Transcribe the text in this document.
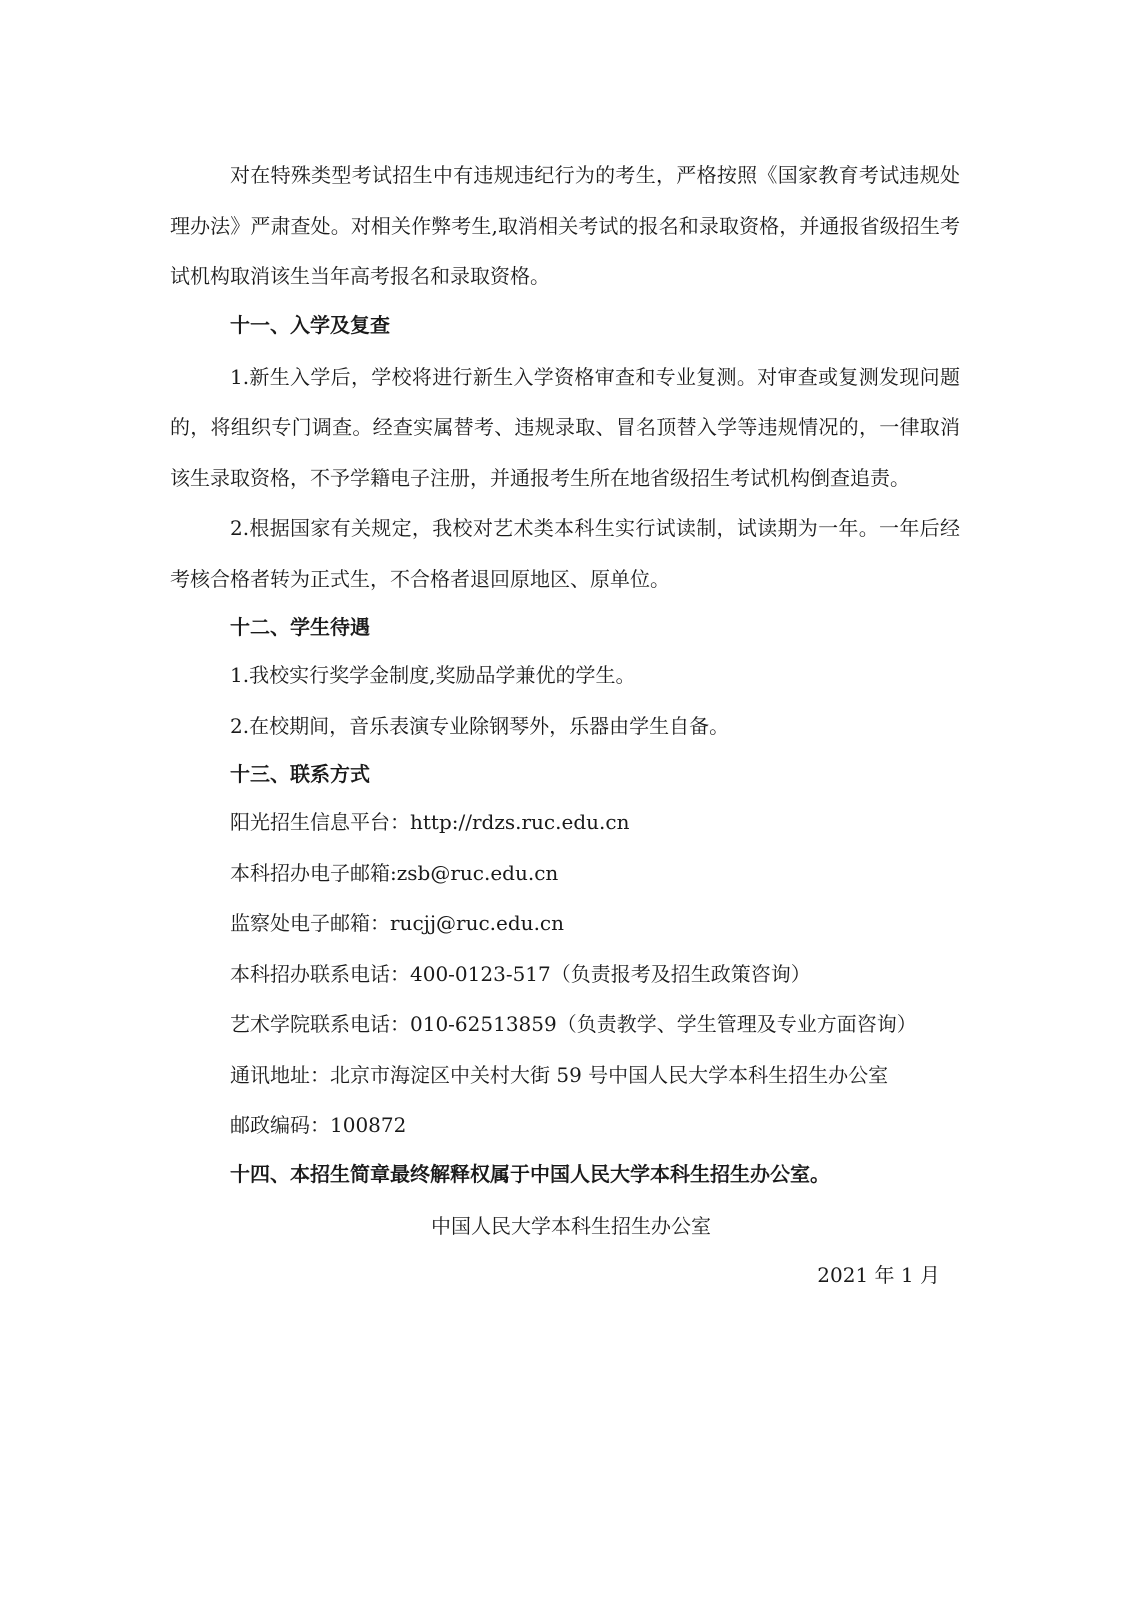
对在特殊类型考试招生中有违规违纪行为的考生，严格按照《国家教育考试违规处理办法》严肃查处。对相关作弊考生,取消相关考试的报名和录取资格，并通报省级招生考试机构取消该生当年高考报名和录取资格。

十一、入学及复查

1.新生入学后，学校将进行新生入学资格审查和专业复测。对审查或复测发现问题的，将组织专门调查。经查实属替考、违规录取、冒名顶替入学等违规情况的，一律取消该生录取资格，不予学籍电子注册，并通报考生所在地省级招生考试机构倒查追责。

2.根据国家有关规定，我校对艺术类本科生实行试读制，试读期为一年。一年后经考核合格者转为正式生，不合格者退回原地区、原单位。

十二、学生待遇

1.我校实行奖学金制度,奖励品学兼优的学生。

2.在校期间，音乐表演专业除钢琴外，乐器由学生自备。

十三、联系方式

阳光招生信息平台：http://rdzs.ruc.edu.cn

本科招办电子邮箱:zsb@ruc.edu.cn

监察处电子邮箱：rucjj@ruc.edu.cn

本科招办联系电话：400-0123-517（负责报考及招生政策咨询）

艺术学院联系电话：010-62513859（负责教学、学生管理及专业方面咨询）

通讯地址：北京市海淀区中关村大街 59 号中国人民大学本科生招生办公室

邮政编码：100872

十四、本招生简章最终解释权属于中国人民大学本科生招生办公室。

中国人民大学本科生招生办公室

2021 年 1 月
